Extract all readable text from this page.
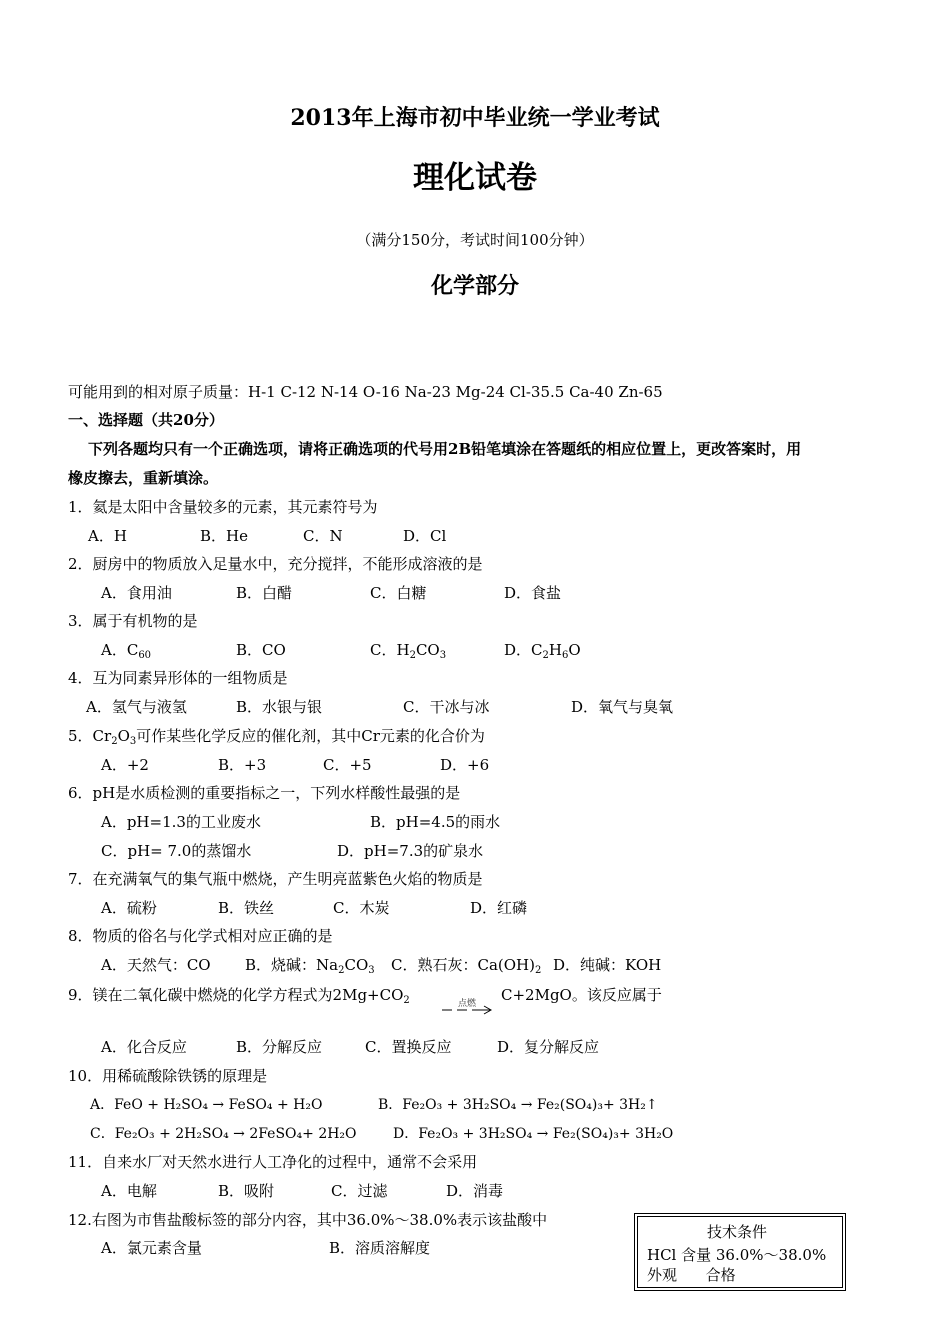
2013年上海市初中毕业统一学业考试
理化试卷
（满分150分，考试时间100分钟）
化学部分
可能用到的相对原子质量：H-1 C-12 N-14 O-16 Na-23 Mg-24 Cl-35.5 Ca-40 Zn-65
一、选择题（共20分）
下列各题均只有一个正确选项，请将正确选项的代号用2B铅笔填涂在答题纸的相应位置上，更改答案时，用
橡皮擦去，重新填涂。
1．氦是太阳中含量较多的元素，其元素符号为
A．H	B．He	C．N	D．Cl
2．厨房中的物质放入足量水中，充分搅拌，不能形成溶液的是
A．食用油	B．白醋	C．白糖	D．食盐
3．属于有机物的是
A．$C_{60}$	B．CO	C．$H_2CO_3$	D．$C_2H_6O$
4．互为同素异形体的一组物质是
A．氢气与液氢	B．水银与银	C．干冰与冰	D．氧气与臭氧
5．$Cr_2O_3$可作某些化学反应的催化剂，其中Cr元素的化合价为
A．+2	B．+3	C．+5	D．+6
6．pH是水质检测的重要指标之一，下列水样酸性最强的是
A．pH=1.3的工业废水	B．pH=4.5的雨水
C．pH= 7.0的蒸馏水	D．pH=7.3的矿泉水
7．在充满氧气的集气瓶中燃烧，产生明亮蓝紫色火焰的物质是
A．硫粉	B．铁丝	C．木炭	D．红磷
8．物质的俗名与化学式相对应正确的是
A．天然气：CO B．烧碱：$Na_2CO_3$ C．熟石灰：$Ca(OH)_2$ D．纯碱：KOH
9．镁在二氧化碳中燃烧的化学方程式为$2Mg+CO_2$	点燃 C+2MgO。该反应属于
A．化合反应	B．分解反应	C．置换反应	D．复分解反应
10．用稀硫酸除铁锈的原理是
A．FeO + H₂SO₄ → FeSO₄ + H₂O	B．Fe₂O₃ + 3H₂SO₄ → Fe₂(SO₄)₃+ 3H₂↑
C．Fe₂O₃ + 2H₂SO₄ → 2FeSO₄+ 2H₂O	D．Fe₂O₃ + 3H₂SO₄ → Fe₂(SO₄)₃+ 3H₂O
11．自来水厂对天然水进行人工净化的过程中，通常不会采用
A．电解	B．吸附	C．过滤	D．消毒
12.右图为市售盐酸标签的部分内容，其中36.0%～38.0%表示该盐酸中
A．氯元素含量	B．溶质溶解度
技术条件
HCl 含量 36.0%～38.0%
外观      合格
